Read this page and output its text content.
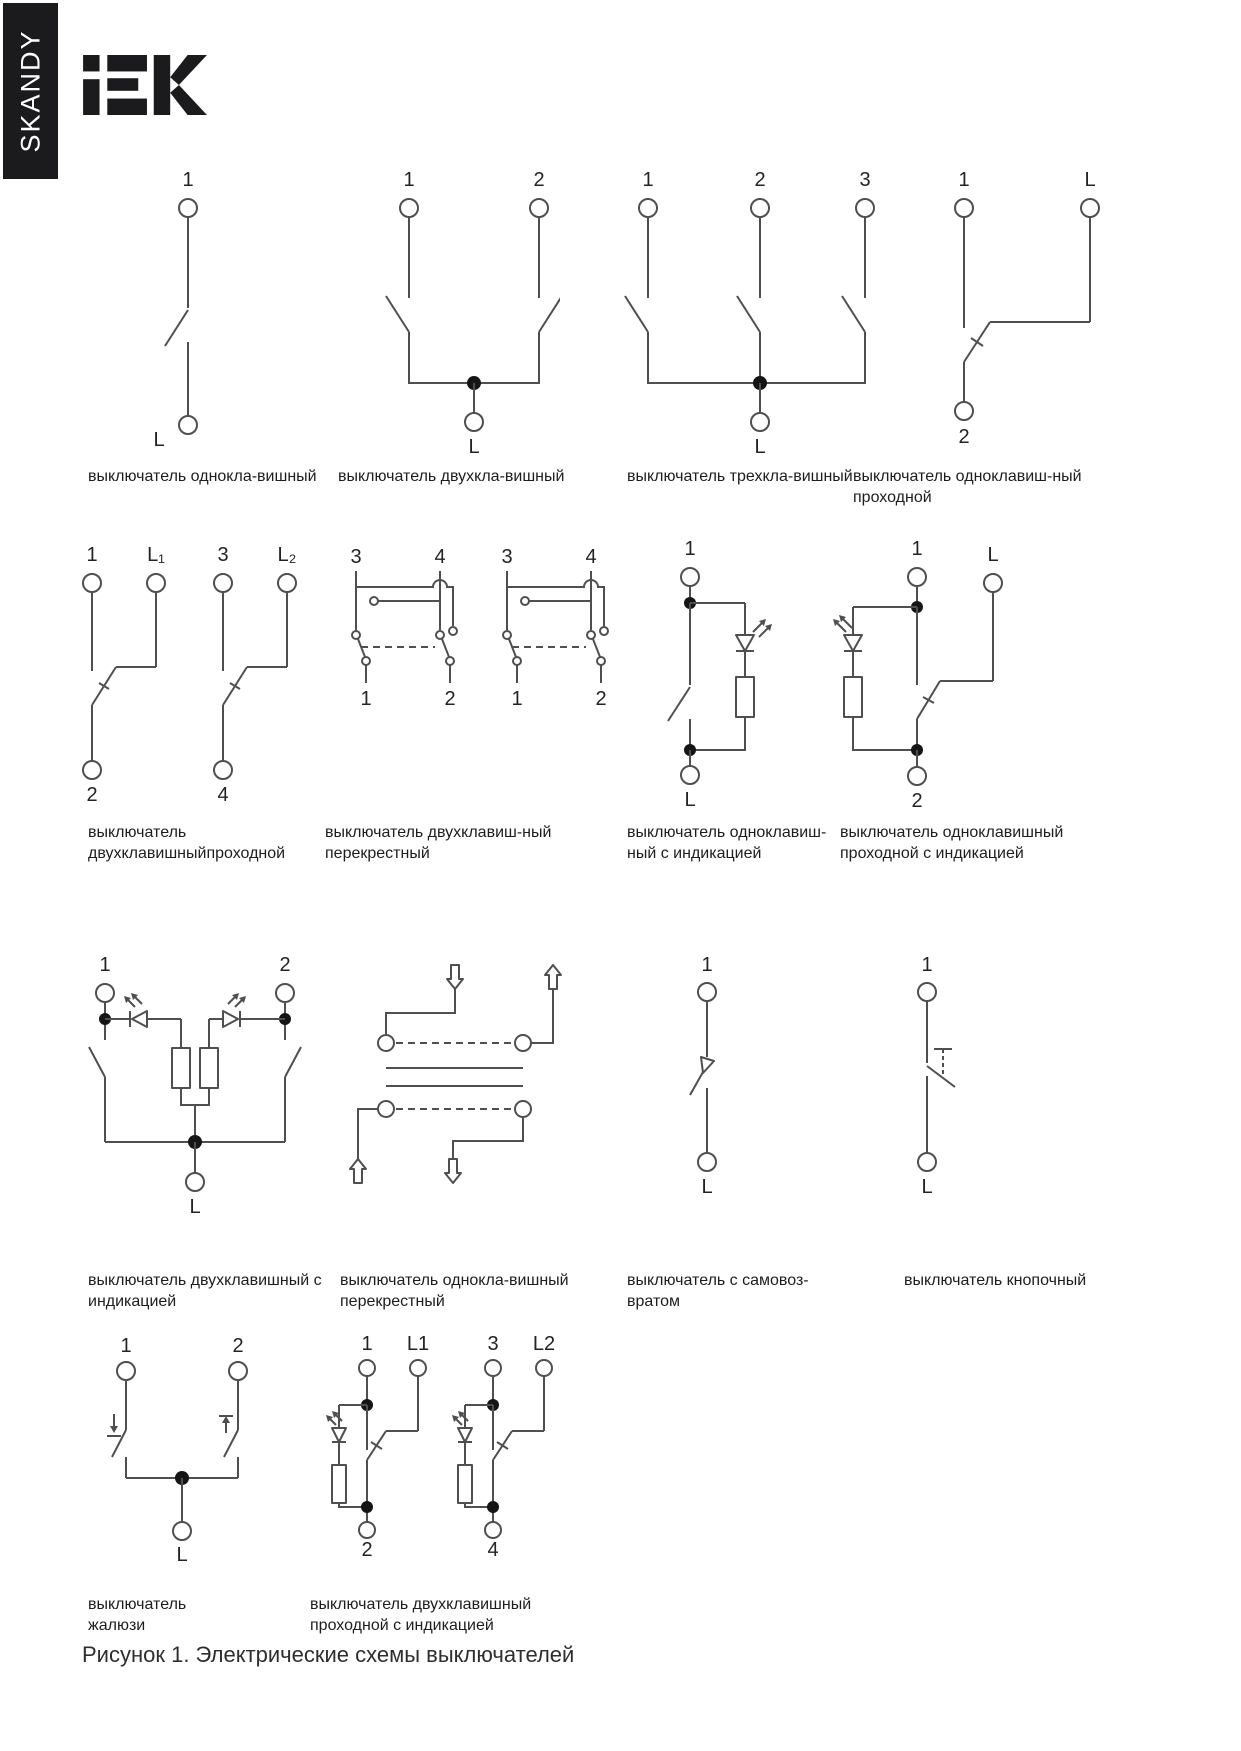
SKANDY
1
L
1	2
L
1	2	3
L
1	L
2
выключатель однокла-вишный выключатель двухкла-вишный	выключатель трехкла-вишный выключатель одноклавиш-ный
проходной
1 L₁	3 L₂
2	4
3	4
1	2
3	4
1	2
1
L
1	L
2
выключатель
двухклавишныйпроходной
выключатель двухклавиш-ный
перекрестный
выключатель одноклавиш-
ный с индикацией
выключатель одноклавишный
проходной с индикацией
1	2
L
1
L
1
L
выключатель двухклавишный с
индикацией
выключатель однокла-вишный
перекрестный
выключатель с самовоз-
вратом
выключатель кнопочный
1	2
L
1 L1
2
3 L2
4
выключатель
жалюзи
выключатель двухклавишный
проходной с индикацией
Рисунок 1. Электрические схемы выключателей
